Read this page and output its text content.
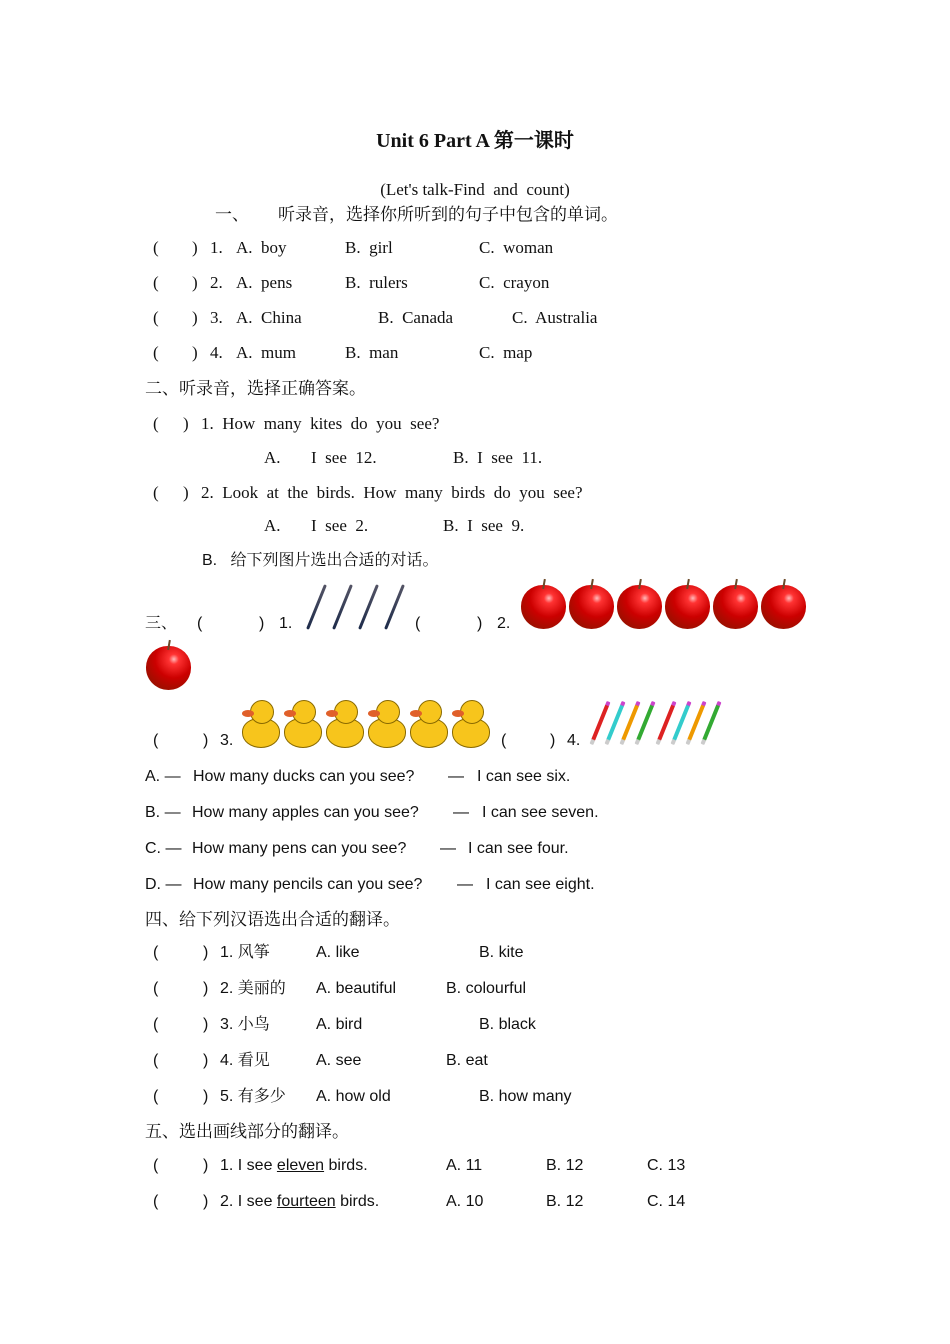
Unit 6 Part A 第一课时
(Let's talk-Find  and  count)
一、 听录音，选择你所听到的句子中包含的单词。
二、听录音，选择正确答案。
B.   给下列图片选出合适的对话。
三、
四、给下列汉语选出合适的翻译。
五、选出画线部分的翻译。
( ) 1. A.  boy	B.  girl	C.  woman
( ) 2. A.  pens	B.  rulers	C.  crayon
( ) 3. A.  China	B.  Canada	C.  Australia
( ) 4. A.  mum	B.  man	C.  map
( ) 1.  How  many  kites  do  you  see?
A. I  see  12.	B.  I  see  11.
( ) 2.  Look  at  the  birds.  How  many  birds  do  you  see?
A. I  see  2.	B.  I  see  9.
(	) 1.	(	) 2.
(	) 3.	(	) 4.
A. — How many ducks can you see? — I can see six.
B. — How many apples can you see? — I can see seven.
C. — How many pens can you see? — I can see four.
D. — How many pencils can you see? — I can see eight.
(	) 1. 风筝	A. like	B. kite
(	) 2. 美丽的 A. beautiful	B. colourful
(	) 3. 小鸟	A. bird	B. black
(	) 4. 看见	A. see	B. eat
(	) 5. 有多少 A. how old	B. how many
(	) 1. I see eleven birds.	A. 11	B. 12	C. 13
(	) 2. I see fourteen birds.	A. 10	B. 12	C. 14
